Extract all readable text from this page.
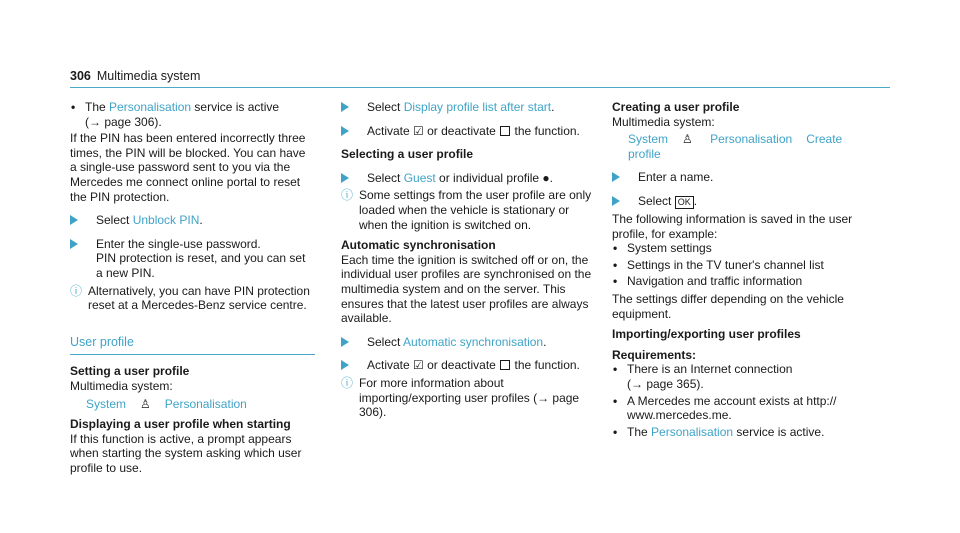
306 Multimedia system
• The Personalisation service is active
(→ page 306).

If the PIN has been entered incorrectly three times, the PIN will be blocked. You can have a single-use password sent to you via the Mercedes me connect online portal to reset the PIN protection.

Select Unblock PIN.
Enter the single-use password.
PIN protection is reset, and you can set a new PIN.
ⓘ Alternatively, you can have PIN protection reset at a Mercedes-Benz service centre.
User profile

Setting a user profile

Multimedia system:

System ♙ Personalisation

Displaying a user profile when starting

If this function is active, a prompt appears when starting the system asking which user profile to use.

Select Display profile list after start.
Activate ☑ or deactivate  the function.

Selecting a user profile

Select Guest or individual profile ●.
ⓘ Some settings from the user profile are only loaded when the vehicle is stationary or when the ignition is switched on.

Automatic synchronisation

Each time the ignition is switched off or on, the individual user profiles are synchronised on the multimedia system and on the server. This ensures that the latest user profiles are always available.

Select Automatic synchronisation.
Activate ☑ or deactivate  the function.
ⓘ For more information about importing/exporting user profiles (→ page 306).

Creating a user profile

Multimedia system:

System ♙ Personalisation Create

profile

Enter a name.
Select OK .

The following information is saved in the user profile, for example:

• System settings
• Settings in the TV tuner's channel list
• Navigation and traffic information

The settings differ depending on the vehicle equipment.

Importing/exporting user profiles

Requirements:

• There is an Internet connection
(→ page 365).
• A Mercedes me account exists at http://
www.mercedes.me.
• The Personalisation service is active.
